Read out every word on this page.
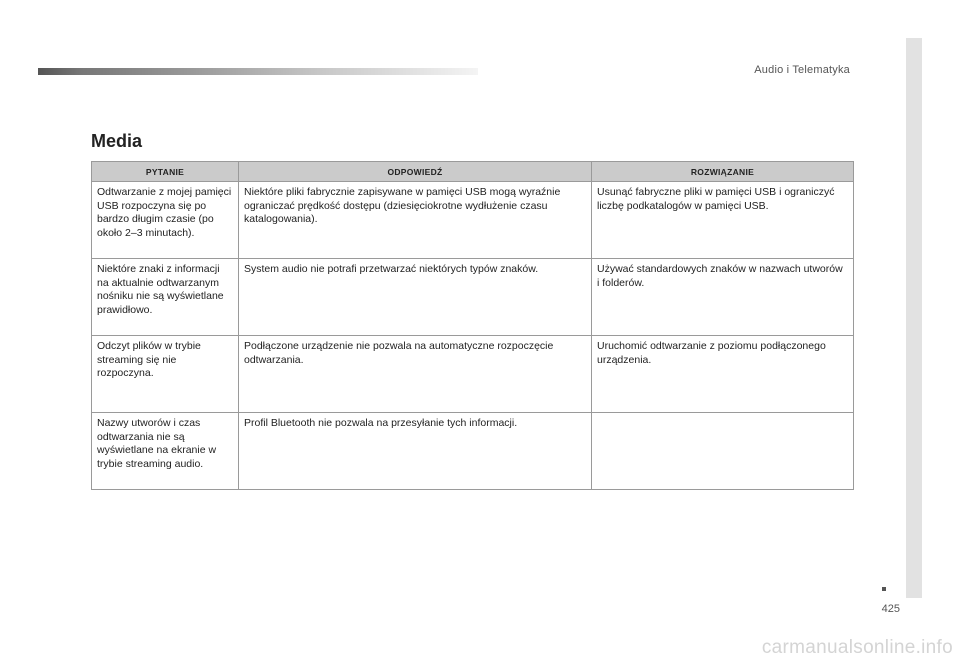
Audio i Telematyka
425
Media
PYTANIE	ODPOWIEDŹ	ROZWIĄZANIE
Odtwarzanie z mojej pamięci USB rozpoczyna się po bardzo długim czasie (po około 2–3 minutach).	Niektóre pliki fabrycznie zapisywane w pamięci USB mogą wyraźnie ograniczać prędkość dostępu (dziesięciokrotne wydłużenie czasu katalogowania).	Usunąć fabryczne pliki w pamięci USB i ograniczyć liczbę podkatalogów w pamięci USB.
Niektóre znaki z informacji na aktualnie odtwarzanym nośniku nie są wyświetlane prawidłowo.	System audio nie potrafi przetwarzać niektórych typów znaków.	Używać standardowych znaków w nazwach utworów i folderów.
Odczyt plików w trybie streaming się nie rozpoczyna.	Podłączone urządzenie nie pozwala na automatyczne rozpoczęcie odtwarzania.	Uruchomić odtwarzanie z poziomu podłączonego urządzenia.
Nazwy utworów i czas odtwarzania nie są wyświetlane na ekranie w trybie streaming audio.	Profil Bluetooth nie pozwala na przesyłanie tych informacji.	
carmanualsonline.info
